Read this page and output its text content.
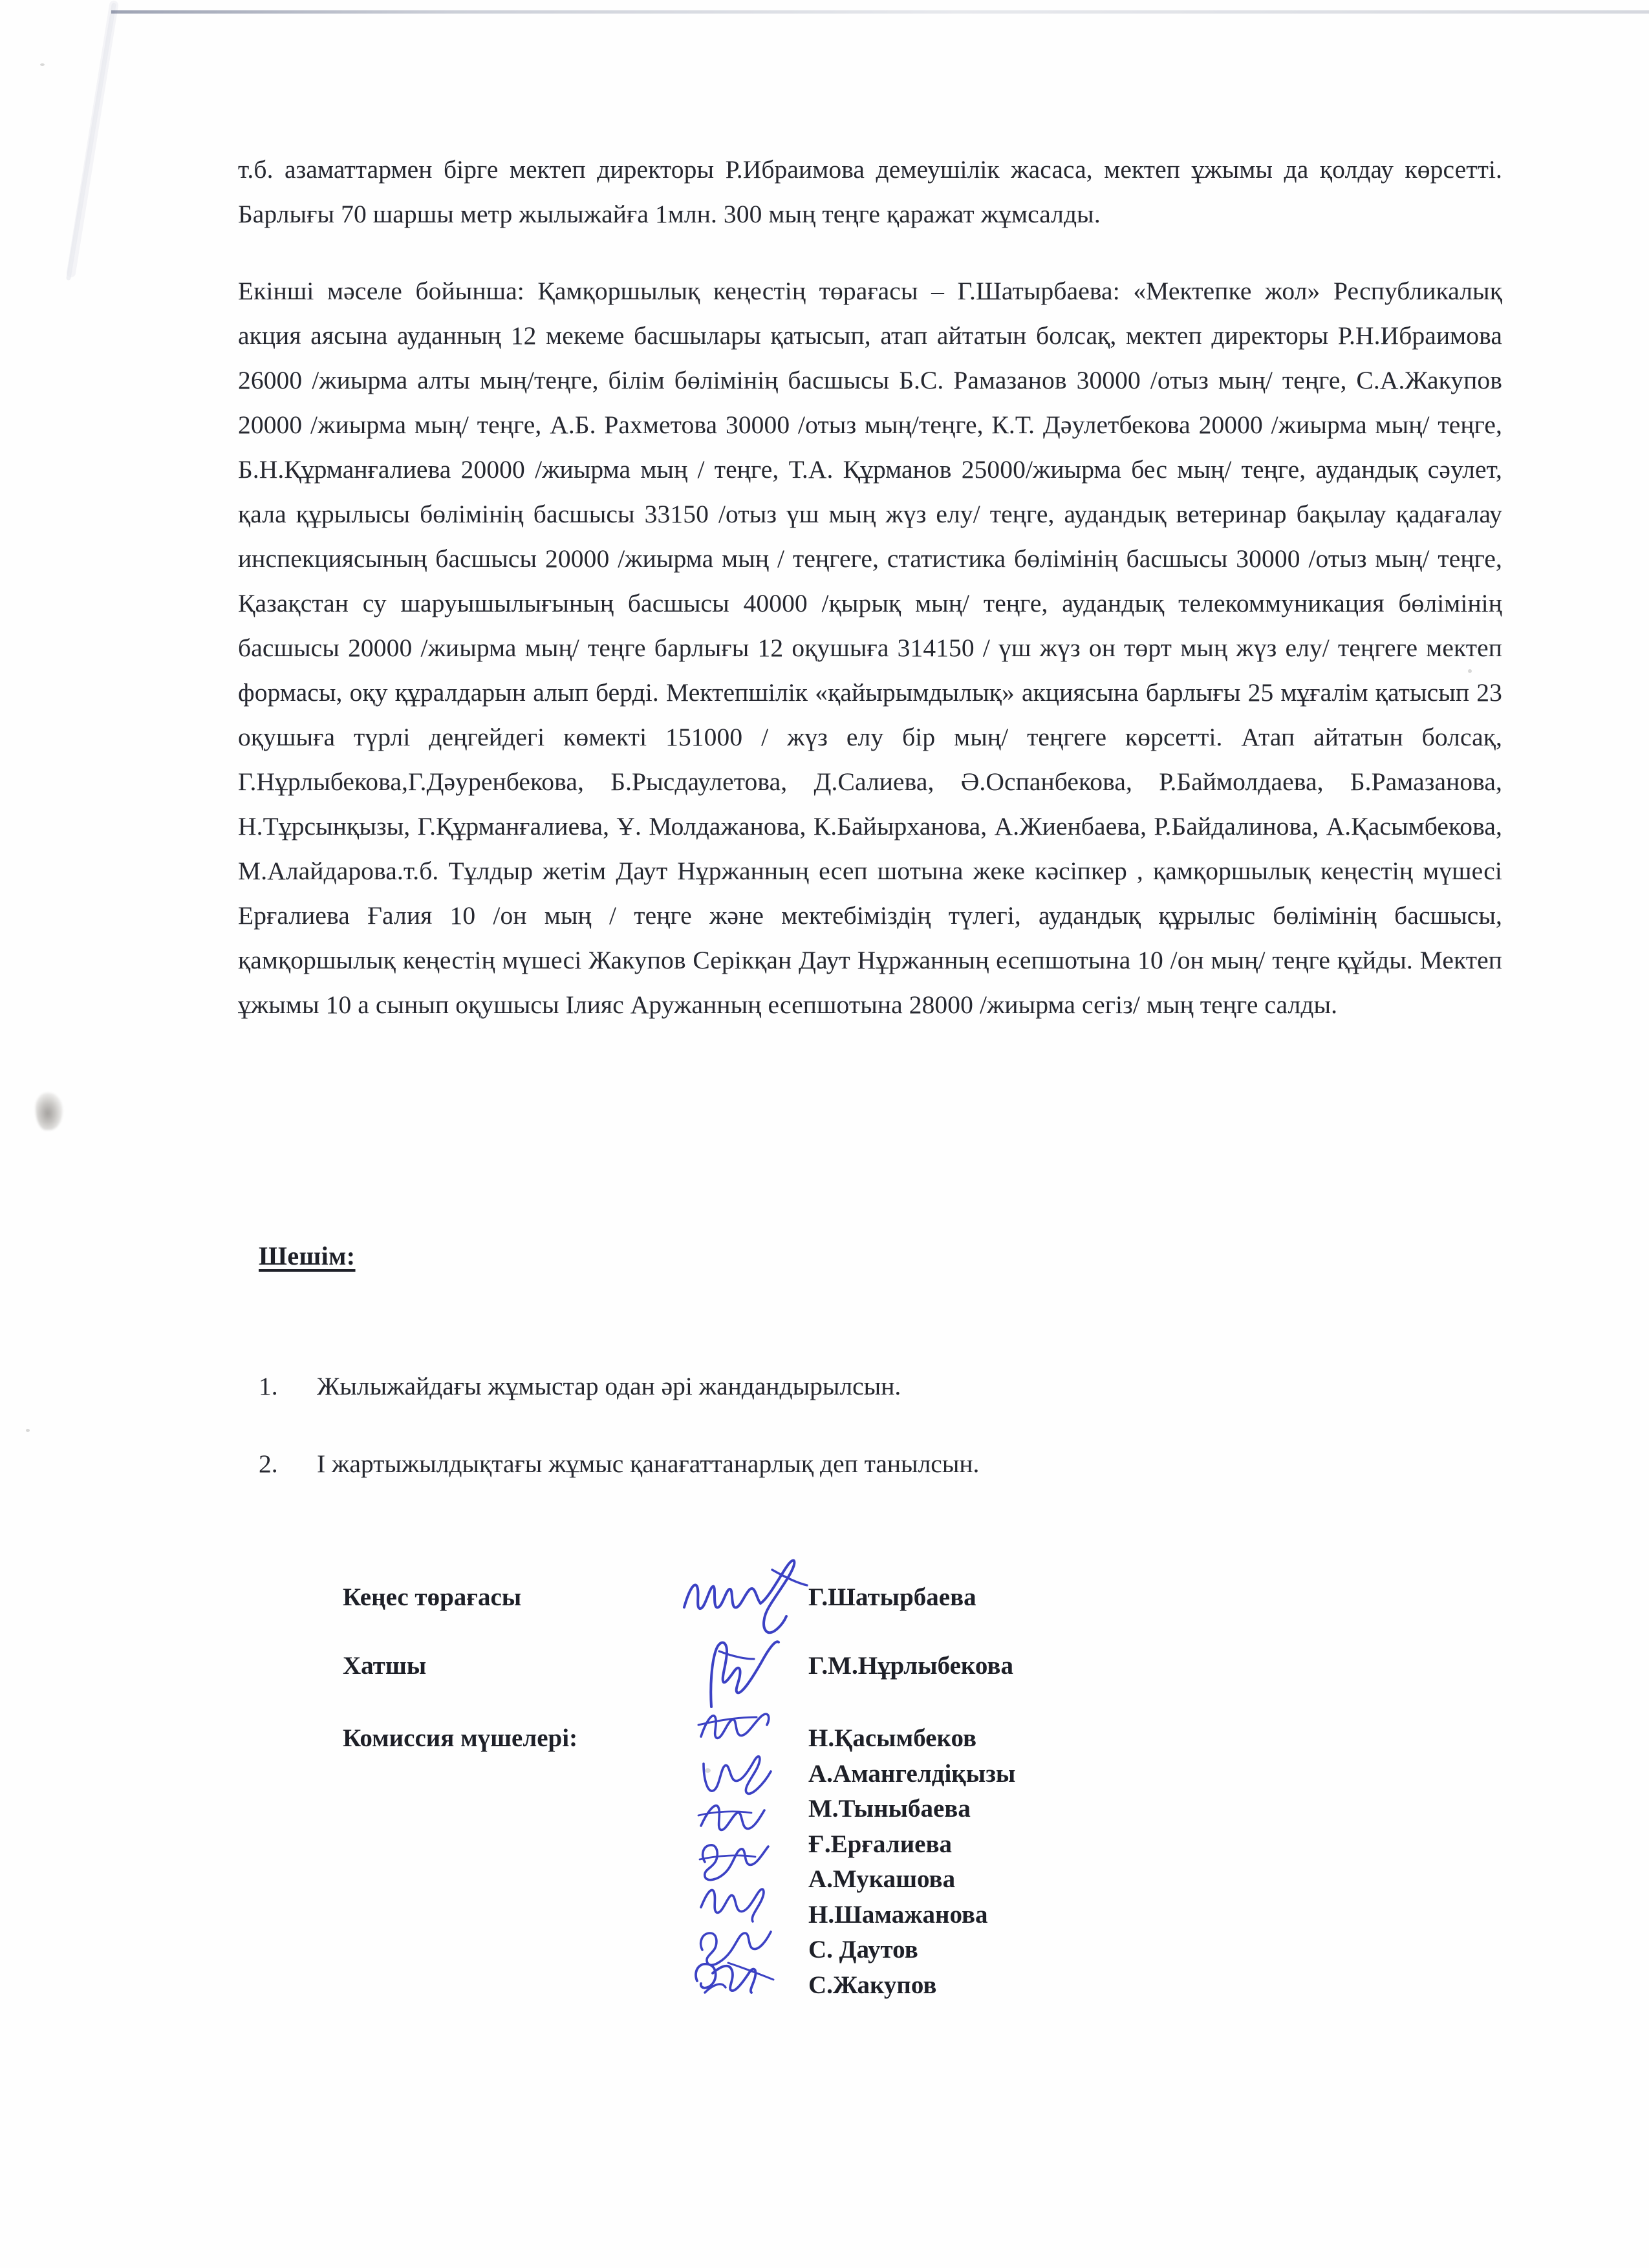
т.б. азаматтармен бірге мектеп директоры Р.Ибраимова демеушілік жасаса, мектеп ұжымы да қолдау көрсетті. Барлығы 70 шаршы метр жылыжайға 1млн. 300 мың теңге қаражат жұмсалды.

Екінші мәселе бойынша: Қамқоршылық кеңестің төрағасы – Г.Шатырбаева: «Мектепке жол» Республикалық акция аясына ауданның 12 мекеме басшылары қатысып, атап айтатын болсақ, мектеп директоры Р.Н.Ибраимова 26000 /жиырма алты мың/теңге, білім бөлімінің басшысы Б.С. Рамазанов 30000 /отыз мың/ теңге, С.А.Жакупов 20000 /жиырма мың/ теңге, А.Б. Рахметова 30000 /отыз мың/теңге, К.Т. Дәулетбекова 20000 /жиырма мың/ теңге, Б.Н.Құрманғалиева 20000 /жиырма мың / теңге, Т.А. Құрманов 25000/жиырма бес мың/ теңге, аудандық сәулет, қала құрылысы бөлімінің басшысы 33150 /отыз үш мың жүз елу/ теңге, аудандық ветеринар бақылау қадағалау инспекциясының басшысы 20000 /жиырма мың / теңгеге, статистика бөлімінің басшысы 30000 /отыз мың/ теңге, Қазақстан су шаруышылығының басшысы 40000 /қырық мың/ теңге, аудандық телекоммуникация бөлімінің басшысы 20000 /жиырма мың/ теңге барлығы 12 оқушыға 314150 / үш жүз он төрт мың жүз елу/ теңгеге мектеп формасы, оқу құралдарын алып берді. Мектепшілік «қайырымдылық» акциясына барлығы 25 мұғалім қатысып 23 оқушыға түрлі деңгейдегі көмекті 151000 / жүз елу бір мың/ теңгеге көрсетті. Атап айтатын болсақ, Г.Нұрлыбекова,Г.Дәуренбекова, Б.Рысдаулетова, Д.Салиева, Ә.Оспанбекова, Р.Баймолдаева, Б.Рамазанова, Н.Тұрсынқызы, Г.Құрманғалиева, Ұ. Молдажанова, К.Байырханова, А.Жиенбаева, Р.Байдалинова, А.Қасымбекова, М.Алайдарова.т.б. Тұлдыр жетім Даут Нұржанның есеп шотына жеке кәсіпкер , қамқоршылық кеңестің мүшесі Ерғалиева Ғалия 10 /он мың / теңге және мектебіміздің түлегі, аудандық құрылыс бөлімінің басшысы, қамқоршылық кеңестің мүшесі Жакупов Серікқан Даут Нұржанның есепшотына 10 /он мың/ теңге құйды. Мектеп ұжымы 10 а сынып оқушысы Ілияс Аружанның есепшотына 28000 /жиырма сегіз/ мың теңге салды.

Шешім:
1.	Жылыжайдағы жұмыстар одан әрі жандандырылсын.
2.	І жартыжылдықтағы жұмыс қанағаттанарлық деп танылсын.
Кеңес төрағасы	Г.Шатырбаева
Хатшы	Г.М.Нұрлыбекова
Комиссия мүшелері:	Н.Қасымбеков
А.Амангелдіқызы
М.Тыныбаева
Ғ.Ерғалиева
А.Мукашова
Н.Шамажанова
С. Даутов
С.Жакупов
